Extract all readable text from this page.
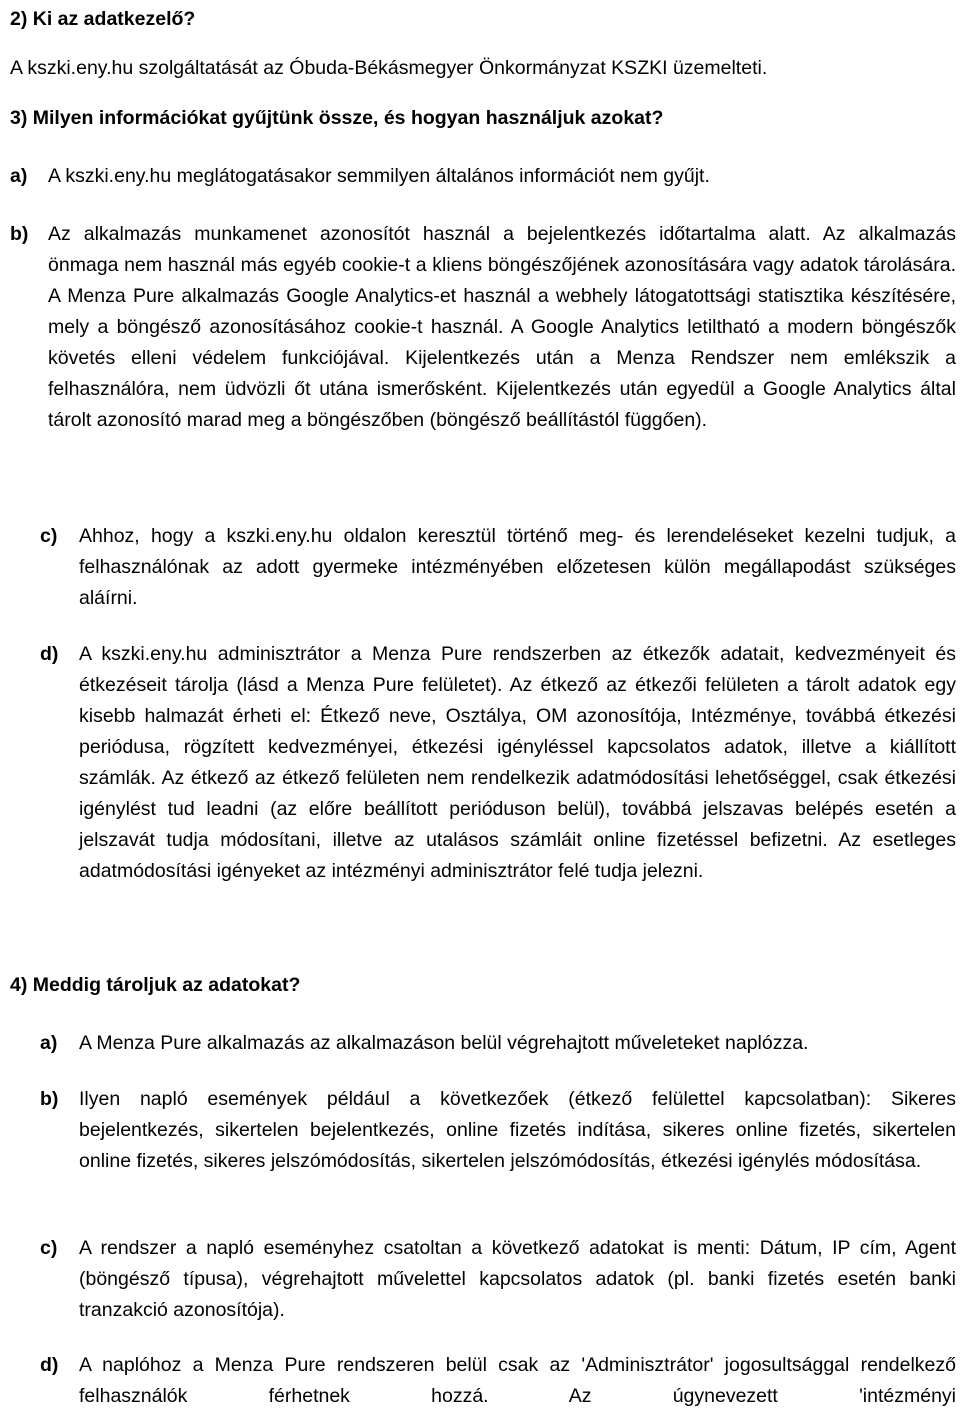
2) Ki az adatkezelő?
A kszki.eny.hu szolgáltatását az Óbuda-Békásmegyer Önkormányzat KSZKI üzemelteti.
3) Milyen információkat gyűjtünk össze, és hogyan használjuk azokat?
a) A kszki.eny.hu meglátogatásakor semmilyen általános információt nem gyűjt.
b) Az alkalmazás munkamenet azonosítót használ a bejelentkezés időtartalma alatt. Az alkalmazás önmaga nem használ más egyéb cookie-t a kliens böngészőjének azonosítására vagy adatok tárolására. A Menza Pure alkalmazás Google Analytics-et használ a webhely látogatottsági statisztika készítésére, mely a böngésző azonosításához cookie-t használ. A Google Analytics letiltható a modern böngészők követés elleni védelem funkciójával. Kijelentkezés után a Menza Rendszer nem emlékszik a felhasználóra, nem üdvözli őt utána ismerősként. Kijelentkezés után egyedül a Google Analytics által tárolt azonosító marad meg a böngészőben (böngésző beállítástól függően).
c) Ahhoz, hogy a kszki.eny.hu oldalon keresztül történő meg- és lerendeléseket kezelni tudjuk, a felhasználónak az adott gyermeke intézményében előzetesen külön megállapodást szükséges aláírni.
d) A kszki.eny.hu adminisztrátor a Menza Pure rendszerben az étkezők adatait, kedvezményeit és étkezéseit tárolja (lásd a Menza Pure felületet). Az étkező az étkezői felületen a tárolt adatok egy kisebb halmazát érheti el: Étkező neve, Osztálya, OM azonosítója, Intézménye, továbbá étkezési periódusa, rögzített kedvezményei, étkezési igényléssel kapcsolatos adatok, illetve a kiállított számlák. Az étkező az étkező felületen nem rendelkezik adatmódosítási lehetőséggel, csak étkezési igénylést tud leadni (az előre beállított perióduson belül), továbbá jelszavas belépés esetén a jelszavát tudja módosítani, illetve az utalásos számláit online fizetéssel befizetni. Az esetleges adatmódosítási igényeket az intézményi adminisztrátor felé tudja jelezni.
4) Meddig tároljuk az adatokat?
a) A Menza Pure alkalmazás az alkalmazáson belül végrehajtott műveleteket naplózza.
b) Ilyen napló események például a következőek (étkező felülettel kapcsolatban): Sikeres bejelentkezés, sikertelen bejelentkezés, online fizetés indítása, sikeres online fizetés, sikertelen online fizetés, sikeres jelszómódosítás, sikertelen jelszómódosítás, étkezési igénylés módosítása.
c) A rendszer a napló eseményhez csatoltan a következő adatokat is menti: Dátum, IP cím, Agent (böngésző típusa), végrehajtott művelettel kapcsolatos adatok (pl. banki fizetés esetén banki tranzakció azonosítója).
d) A naplóhoz a Menza Pure rendszeren belül csak az 'Adminisztrátor' jogosultsággal rendelkező felhasználók férhetnek hozzá. Az úgynevezett 'intézményi
